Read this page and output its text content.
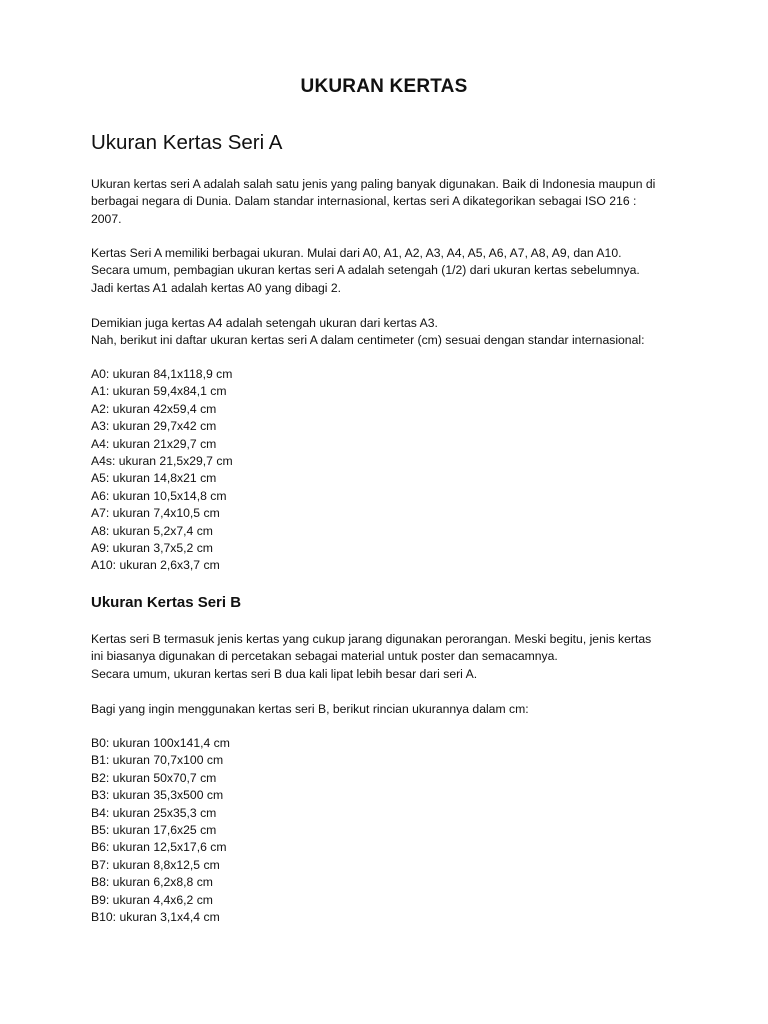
UKURAN KERTAS
Ukuran Kertas Seri A
Ukuran kertas seri A adalah salah satu jenis yang paling banyak digunakan. Baik di Indonesia maupun di
berbagai negara di Dunia. Dalam standar internasional, kertas seri A dikategorikan sebagai ISO 216 :
2007.
Kertas Seri A memiliki berbagai ukuran. Mulai dari A0, A1, A2, A3, A4, A5, A6, A7, A8, A9, dan A10.
Secara umum, pembagian ukuran kertas seri A adalah setengah (1/2) dari ukuran kertas sebelumnya.
Jadi kertas A1 adalah kertas A0 yang dibagi 2.
Demikian juga kertas A4 adalah setengah ukuran dari kertas A3.
Nah, berikut ini daftar ukuran kertas seri A dalam centimeter (cm) sesuai dengan standar internasional:
A0: ukuran 84,1x118,9 cm
A1: ukuran 59,4x84,1 cm
A2: ukuran 42x59,4 cm
A3: ukuran 29,7x42 cm
A4: ukuran 21x29,7 cm
A4s: ukuran 21,5x29,7 cm
A5: ukuran 14,8x21 cm
A6: ukuran 10,5x14,8 cm
A7: ukuran 7,4x10,5 cm
A8: ukuran 5,2x7,4 cm
A9: ukuran 3,7x5,2 cm
A10: ukuran 2,6x3,7 cm
Ukuran Kertas Seri B
Kertas seri B termasuk jenis kertas yang cukup jarang digunakan perorangan. Meski begitu, jenis kertas
ini biasanya digunakan di percetakan sebagai material untuk poster dan semacamnya.
Secara umum, ukuran kertas seri B dua kali lipat lebih besar dari seri A.
Bagi yang ingin menggunakan kertas seri B, berikut rincian ukurannya dalam cm:
B0: ukuran 100x141,4 cm
B1: ukuran 70,7x100 cm
B2: ukuran 50x70,7 cm
B3: ukuran 35,3x500 cm
B4: ukuran 25x35,3 cm
B5: ukuran 17,6x25 cm
B6: ukuran 12,5x17,6 cm
B7: ukuran 8,8x12,5 cm
B8: ukuran 6,2x8,8 cm
B9: ukuran 4,4x6,2 cm
B10: ukuran 3,1x4,4 cm
